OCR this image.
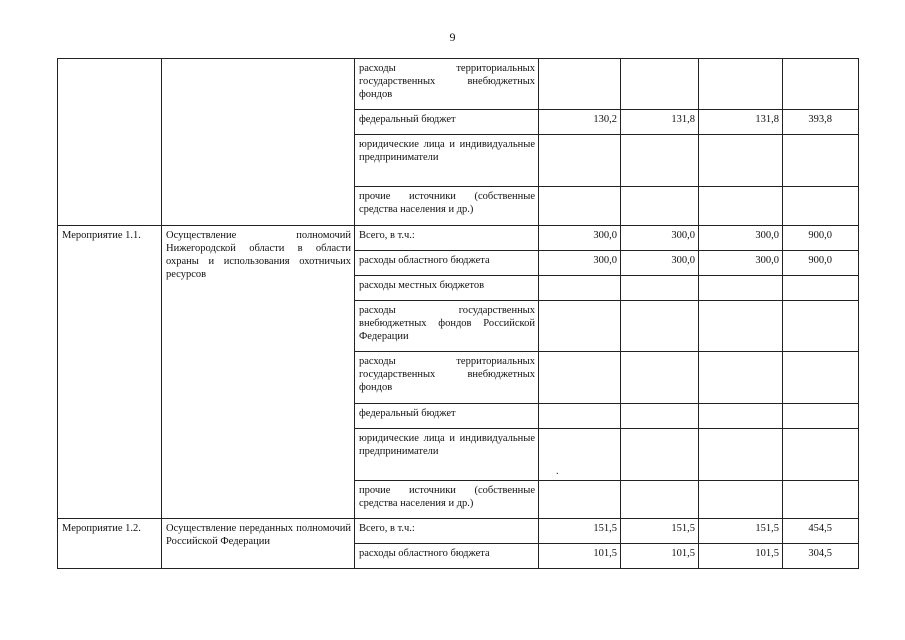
9
		расходы территориальных государственных внебюджетных фондов				
		федеральный бюджет	130,2	131,8	131,8	393,8
		юридические лица и индивидуальные предприниматели				
		прочие источники (собственные средства населения и др.)				
Мероприятие 1.1.	Осуществление полномочий Нижегородской области в области охраны и использования охотничьих ресурсов	Всего, в т.ч.:	300,0	300,0	300,0	900,0
		расходы областного бюджета	300,0	300,0	300,0	900,0
		расходы местных бюджетов				
		расходы государственных внебюджетных фондов Российской Федерации				
		расходы территориальных государственных внебюджетных фондов				
		федеральный бюджет				
		юридические лица и индивидуальные предприниматели				
		прочие источники (собственные средства населения и др.)				
Мероприятие 1.2.	Осуществление переданных полномочий Российской Федерации	Всего, в т.ч.:	151,5	151,5	151,5	454,5
		расходы областного бюджета	101,5	101,5	101,5	304,5
.
